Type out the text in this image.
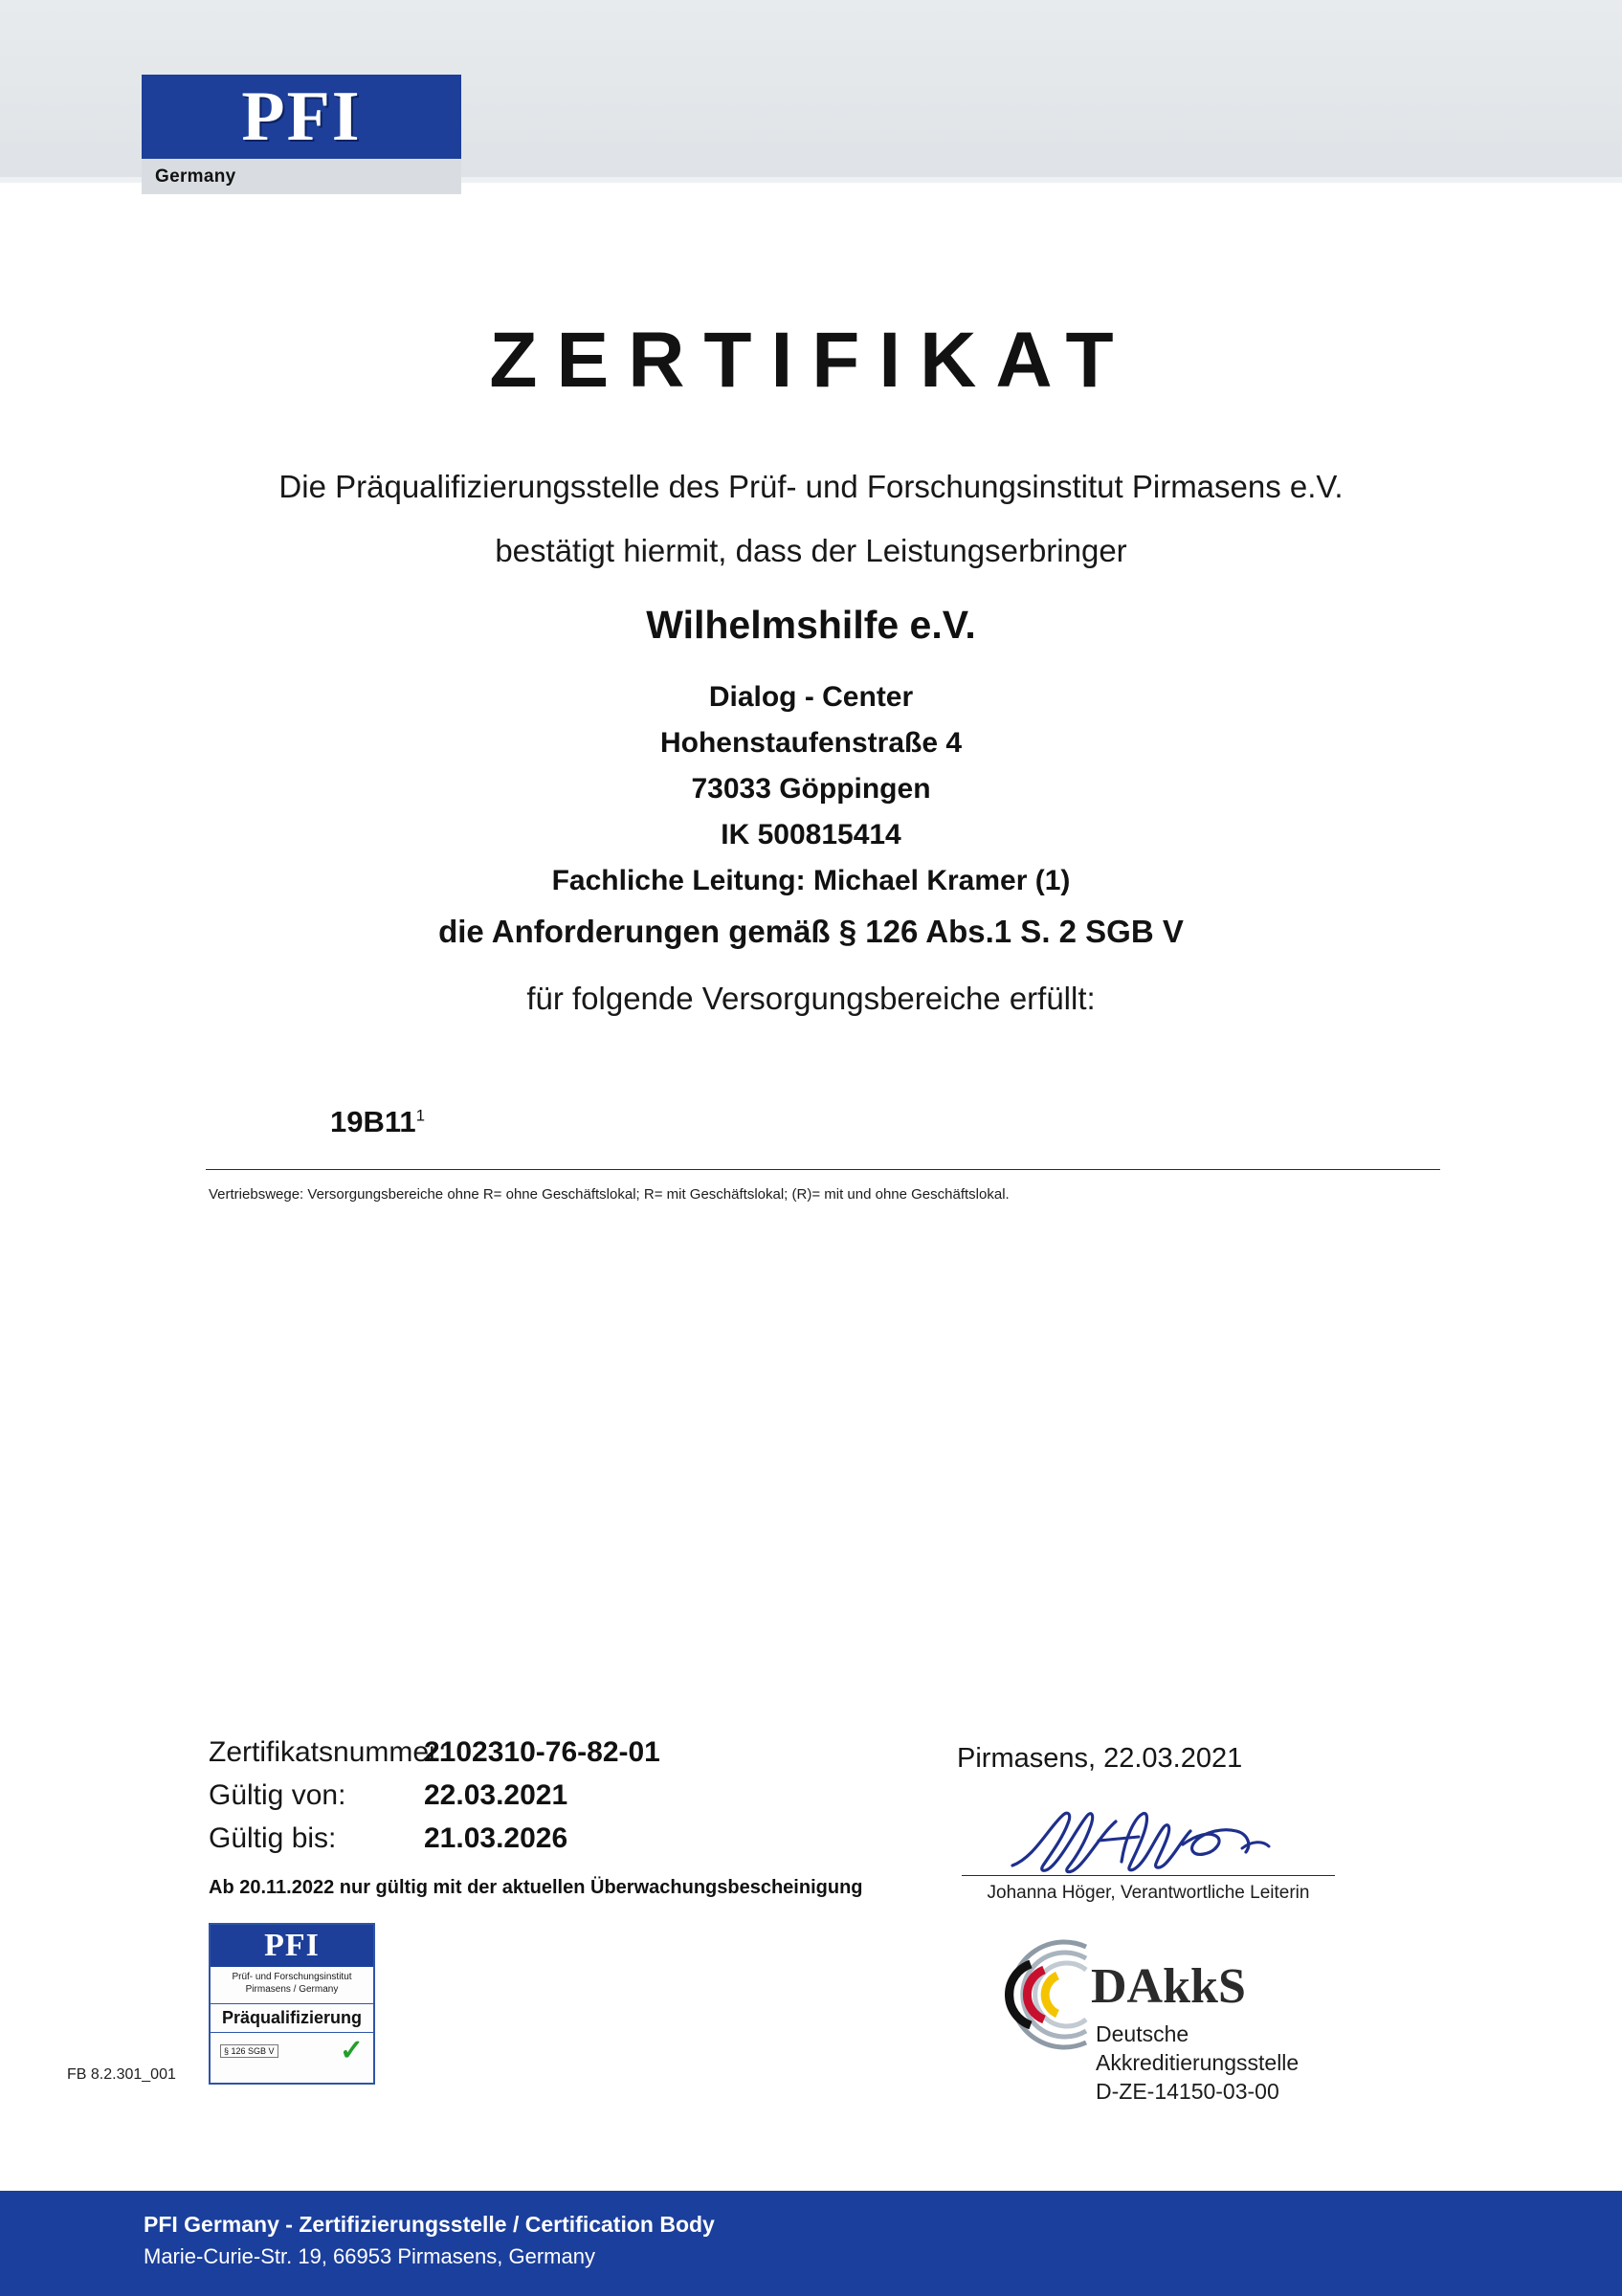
PFI
Germany
ZERTIFIKAT
Die Präqualifizierungsstelle des Prüf- und Forschungsinstitut Pirmasens e.V.
bestätigt hiermit, dass der Leistungserbringer
Wilhelmshilfe e.V.
Dialog - Center
Hohenstaufenstraße 4
73033 Göppingen
IK 500815414
Fachliche Leitung: Michael Kramer (1)
die Anforderungen gemäß § 126 Abs.1 S. 2 SGB V
für folgende Versorgungsbereiche erfüllt:
$19B11^1$
Vertriebswege: Versorgungsbereiche ohne R= ohne Geschäftslokal; R= mit Geschäftslokal; (R)= mit und ohne Geschäftslokal.
Zertifikatsnummer:
2102310-76-82-01
Gültig von:	22.03.2021
Gültig bis:	21.03.2026
Ab 20.11.2022 nur gültig mit der aktuellen Überwachungsbescheinigung
Pirmasens, 22.03.2021
Johanna Höger, Verantwortliche Leiterin
PFI
Prüf- und Forschungsinstitut
Pirmasens / Germany
Präqualifizierung
§ 126 SGB V ✓
FB 8.2.301_001
DAkkS
Deutsche
Akkreditierungsstelle
D-ZE-14150-03-00
PFI Germany - Zertifizierungsstelle / Certification Body
Marie-Curie-Str. 19, 66953 Pirmasens, Germany
